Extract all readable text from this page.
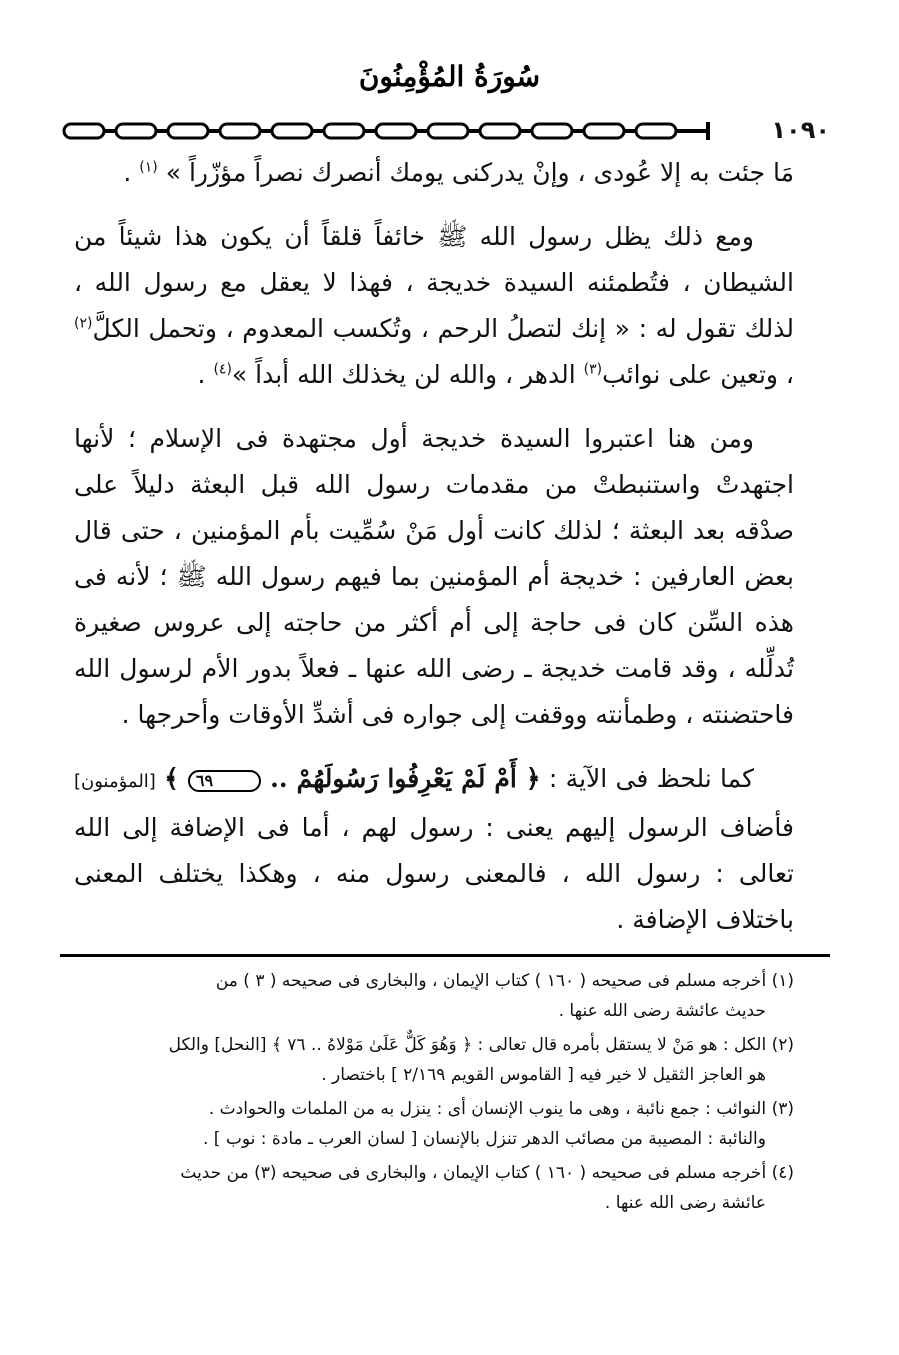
سُورَةُ المُؤْمِنُونَ
١٠٩٠

مَا جئت به إلا عُودى ، وإنْ يدركنى يومك أنصرك نصراً مؤزّراً » $^{(١)}$ .

ومع ذلك يظل رسول الله ﷺ خائفاً قلقاً أن يكون هذا شيئاً من الشيطان ، فتُطمئنه السيدة خديجة ، فهذا لا يعقل مع رسول الله ، لذلك تقول له : « إنك لتصلُ الرحم ، وتُكسب المعدوم ، وتحمل الكلَّ$^{(٢)}$ ، وتعين على نوائب$^{(٣)}$ الدهر ، والله لن يخذلك الله أبداً »$^{(٤)}$ .

ومن هنا اعتبروا السيدة خديجة أول مجتهدة فى الإسلام ؛ لأنها اجتهدتْ واستنبطتْ من مقدمات رسول الله قبل البعثة دليلاً على صدْقه بعد البعثة ؛ لذلك كانت أول مَنْ سُمِّيت بأم المؤمنين ، حتى قال بعض العارفين : خديجة أم المؤمنين بما فيهم رسول الله ﷺ ؛ لأنه فى هذه السِّن كان فى حاجة إلى أم أكثر من حاجته إلى عروس صغيرة تُدلِّله ، وقد قامت خديجة ـ رضى الله عنها ـ فعلاً بدور الأم لرسول الله فاحتضنته ، وطمأنته ووقفت إلى جواره فى أشدِّ الأوقات وأحرجها .

كما نلحظ فى الآية : ﴿ أَمْ لَمْ يَعْرِفُوا رَسُولَهُمْ .. ٦٩ ﴾ [المؤمنون] فأضاف الرسول إليهم يعنى : رسول لهم ، أما فى الإضافة إلى الله تعالى : رسول الله ، فالمعنى رسول منه ، وهكذا يختلف المعنى باختلاف الإضافة .

(١) أخرجه مسلم فى صحيحه ( ١٦٠ ) كتاب الإيمان ، والبخارى فى صحيحه ( ٣ ) من
حديث عائشة رضى الله عنها .
(٢) الكل : هو مَنْ لا يستقل بأمره قال تعالى : ﴿ وَهُوَ كَلٌّ عَلَىٰ مَوْلاهُ .. ٧٦ ﴾ [النحل] والكل
هو العاجز الثقيل لا خير فيه [ القاموس القويم ٢/١٦٩ ] باختصار .
(٣) النوائب : جمع نائبة ، وهى ما ينوب الإنسان أى : ينزل به من الملمات والحوادث .
والنائبة : المصيبة من مصائب الدهر تنزل بالإنسان [ لسان العرب ـ مادة : نوب ] .
(٤) أخرجه مسلم فى صحيحه ( ١٦٠ ) كتاب الإيمان ، والبخارى فى صحيحه (٣) من حديث
عائشة رضى الله عنها .
